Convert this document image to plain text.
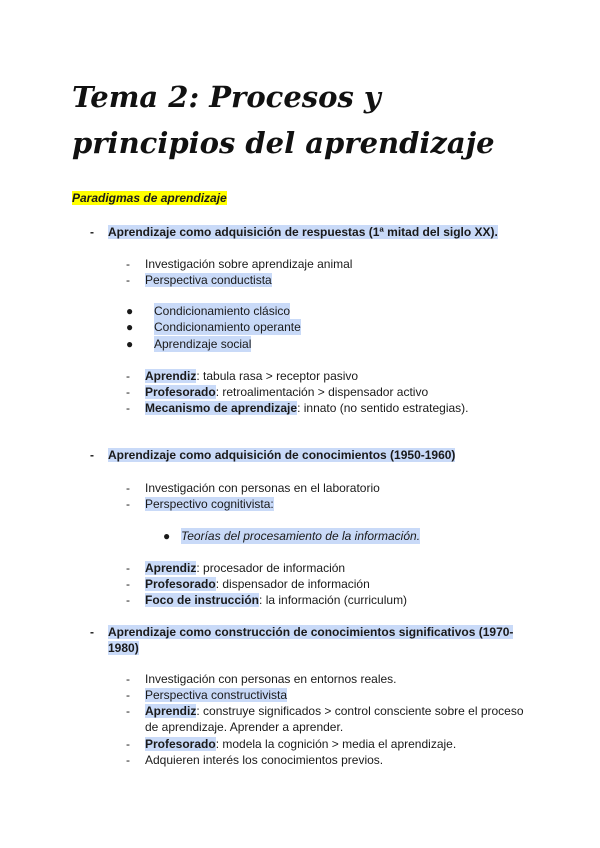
Tema 2: Procesos y principios del aprendizaje
Paradigmas de aprendizaje
- Aprendizaje como adquisición de respuestas (1ª mitad del siglo XX).
-	Investigación sobre aprendizaje animal
-	Perspectiva conductista
● Condicionamiento clásico
● Condicionamiento operante
● Aprendizaje social
-	Aprendiz: tabula rasa > receptor pasivo
-	Profesorado: retroalimentación > dispensador activo
-	Mecanismo de aprendizaje: innato (no sentido estrategias).
- Aprendizaje como adquisición de conocimientos (1950-1960)
-	Investigación con personas en el laboratorio
-	Perspectivo cognitivista:
● Teorías del procesamiento de la información.
-	Aprendiz: procesador de información
-	Profesorado: dispensador de información
-	Foco de instrucción: la información (curriculum)
- Aprendizaje como construcción de conocimientos significativos (1970-1980)
-	Investigación con personas en entornos reales.
-	Perspectiva constructivista
-	Aprendiz: construye significados > control consciente sobre el proceso de aprendizaje. Aprender a aprender.
-	Profesorado: modela la cognición > media el aprendizaje.
-	Adquieren interés los conocimientos previos.
